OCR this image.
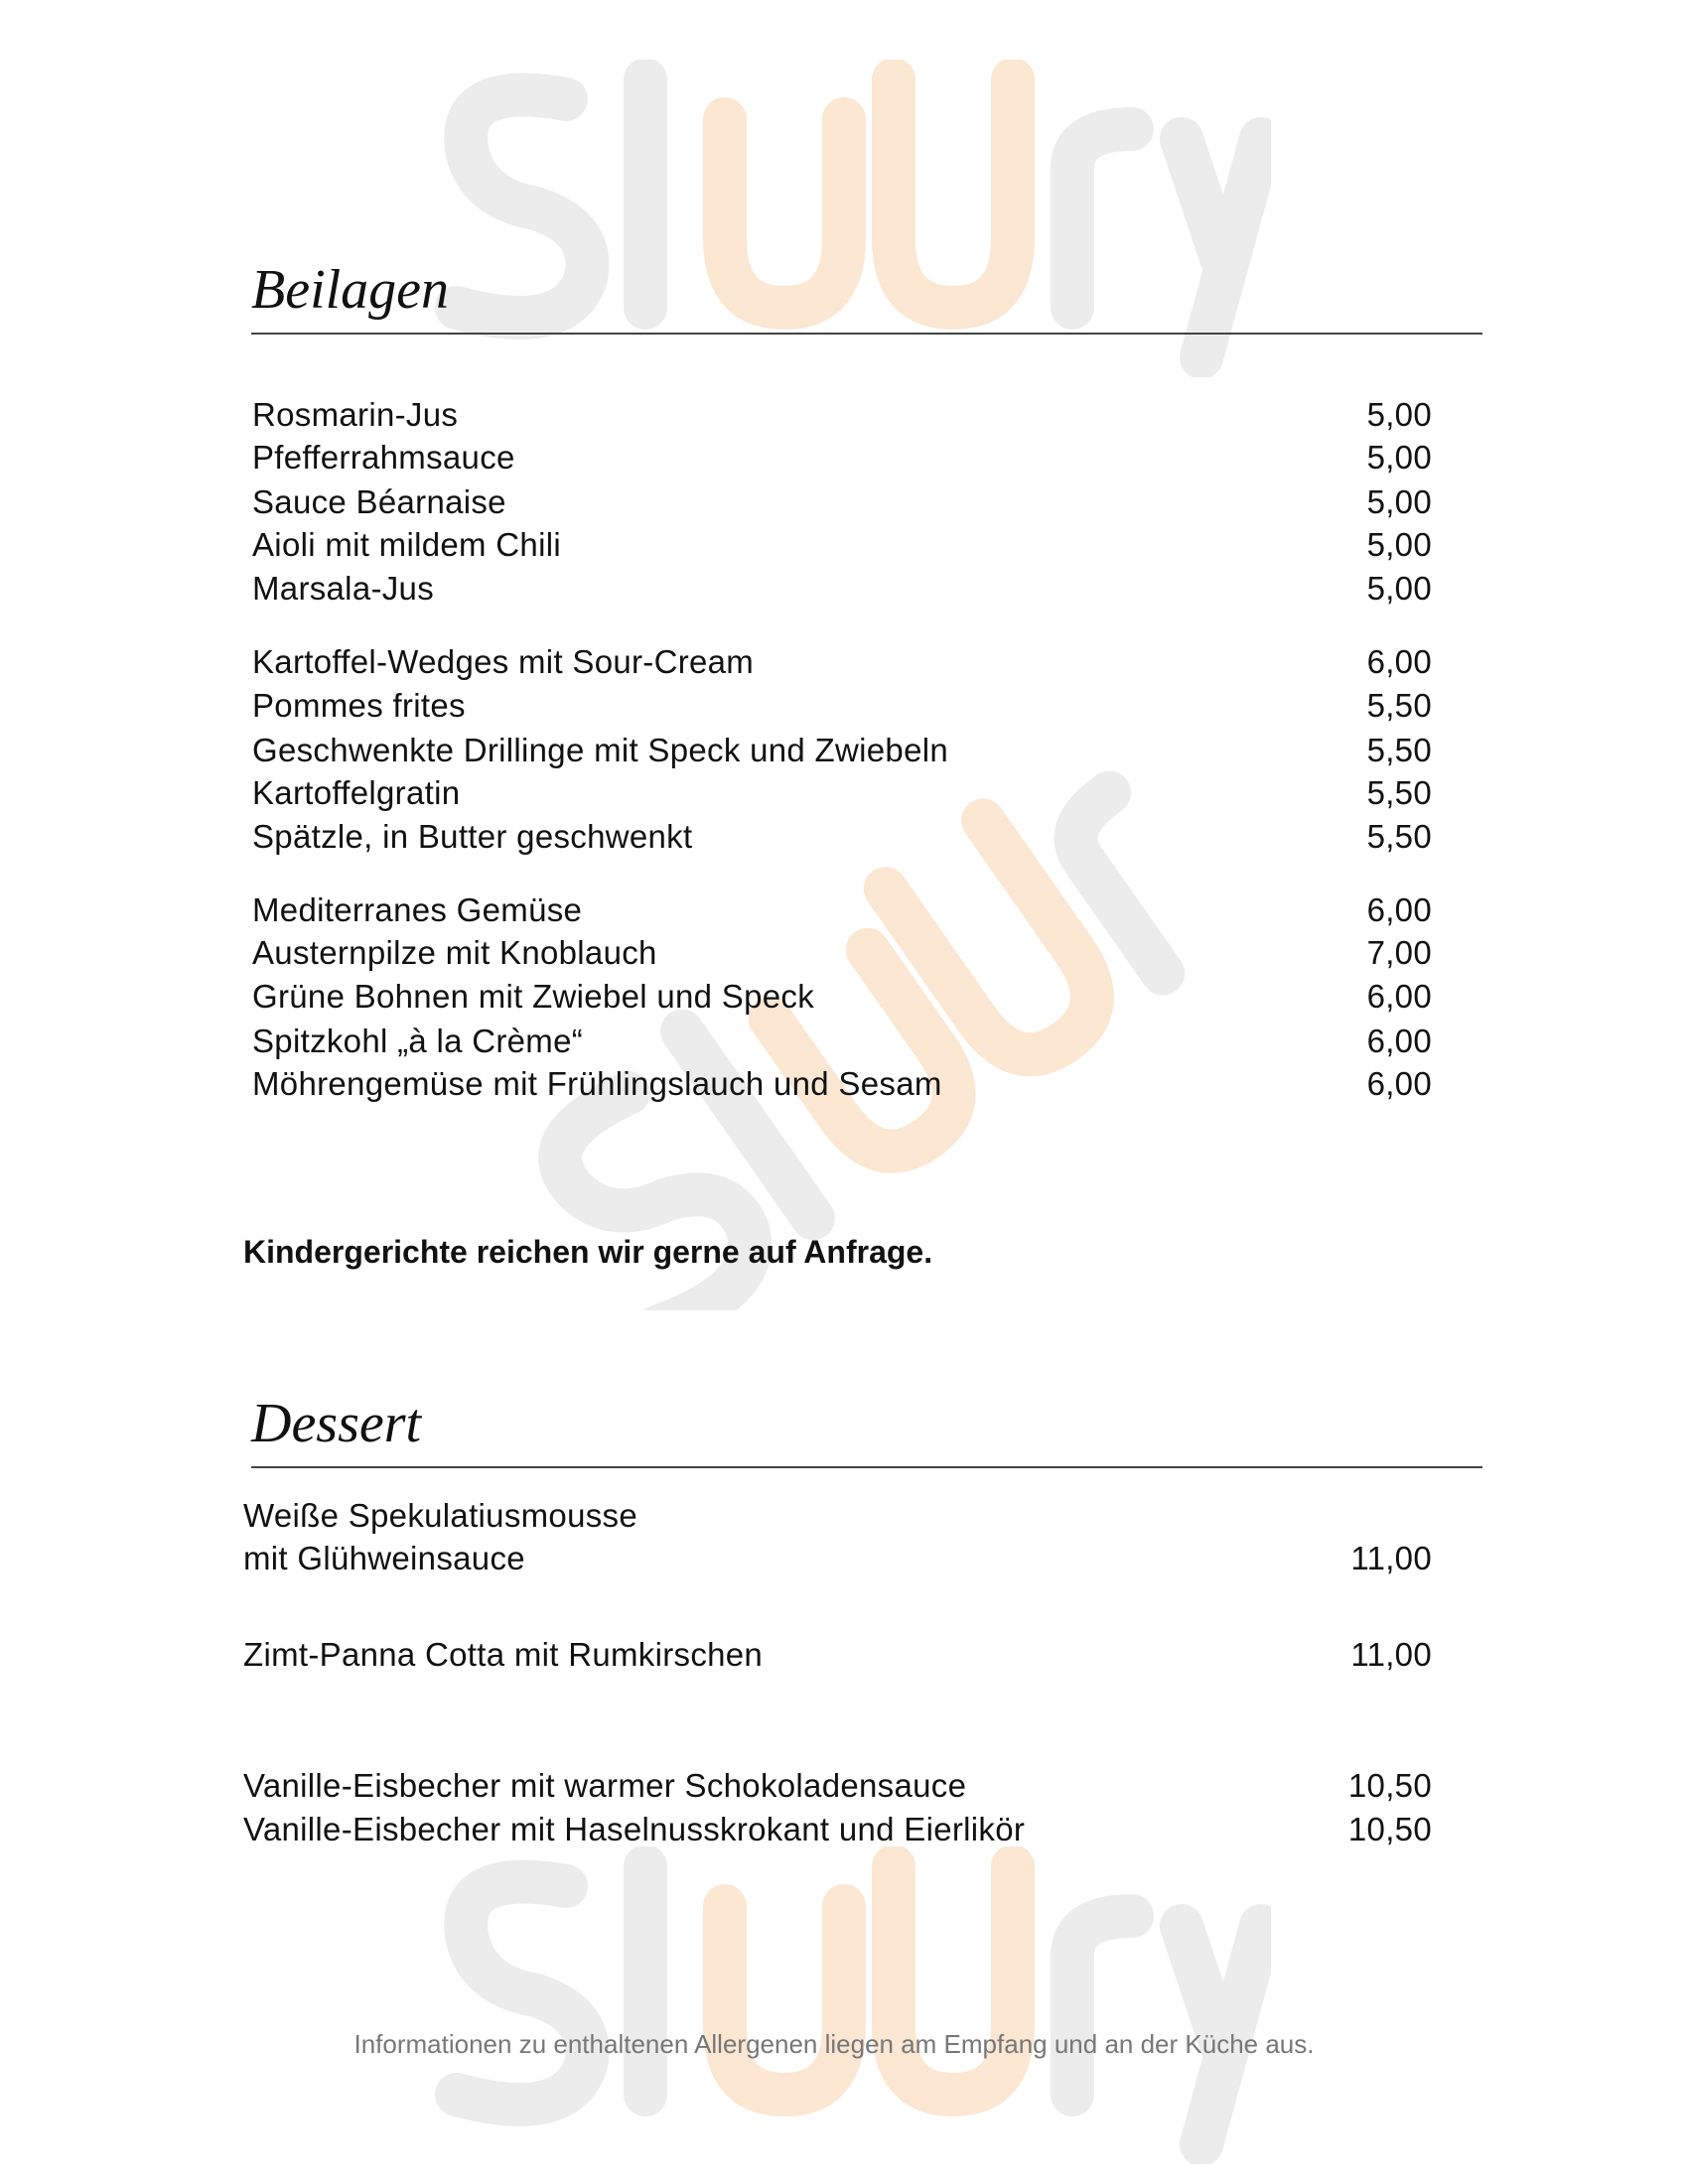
Beilagen
Rosmarin-Jus	5,00
Pfefferrahmsauce	5,00
Sauce Béarnaise	5,00
Aioli mit mildem Chili	5,00
Marsala-Jus	5,00
Kartoffel-Wedges mit Sour-Cream	6,00
Pommes frites	5,50
Geschwenkte Drillinge mit Speck und Zwiebeln	5,50
Kartoffelgratin	5,50
Spätzle, in Butter geschwenkt	5,50
Mediterranes Gemüse	6,00
Austernpilze mit Knoblauch	7,00
Grüne Bohnen mit Zwiebel und Speck	6,00
Spitzkohl „à la Crème“	6,00
Möhrengemüse mit Frühlingslauch und Sesam	6,00
Kindergerichte reichen wir gerne auf Anfrage.
Dessert
Weiße Spekulatiusmousse
mit Glühweinsauce	11,00
Zimt-Panna Cotta mit Rumkirschen	11,00
Vanille-Eisbecher mit warmer Schokoladensauce	10,50
Vanille-Eisbecher mit Haselnusskrokant und Eierlikör	10,50
Informationen zu enthaltenen Allergenen liegen am Empfang und an der Küche aus.
